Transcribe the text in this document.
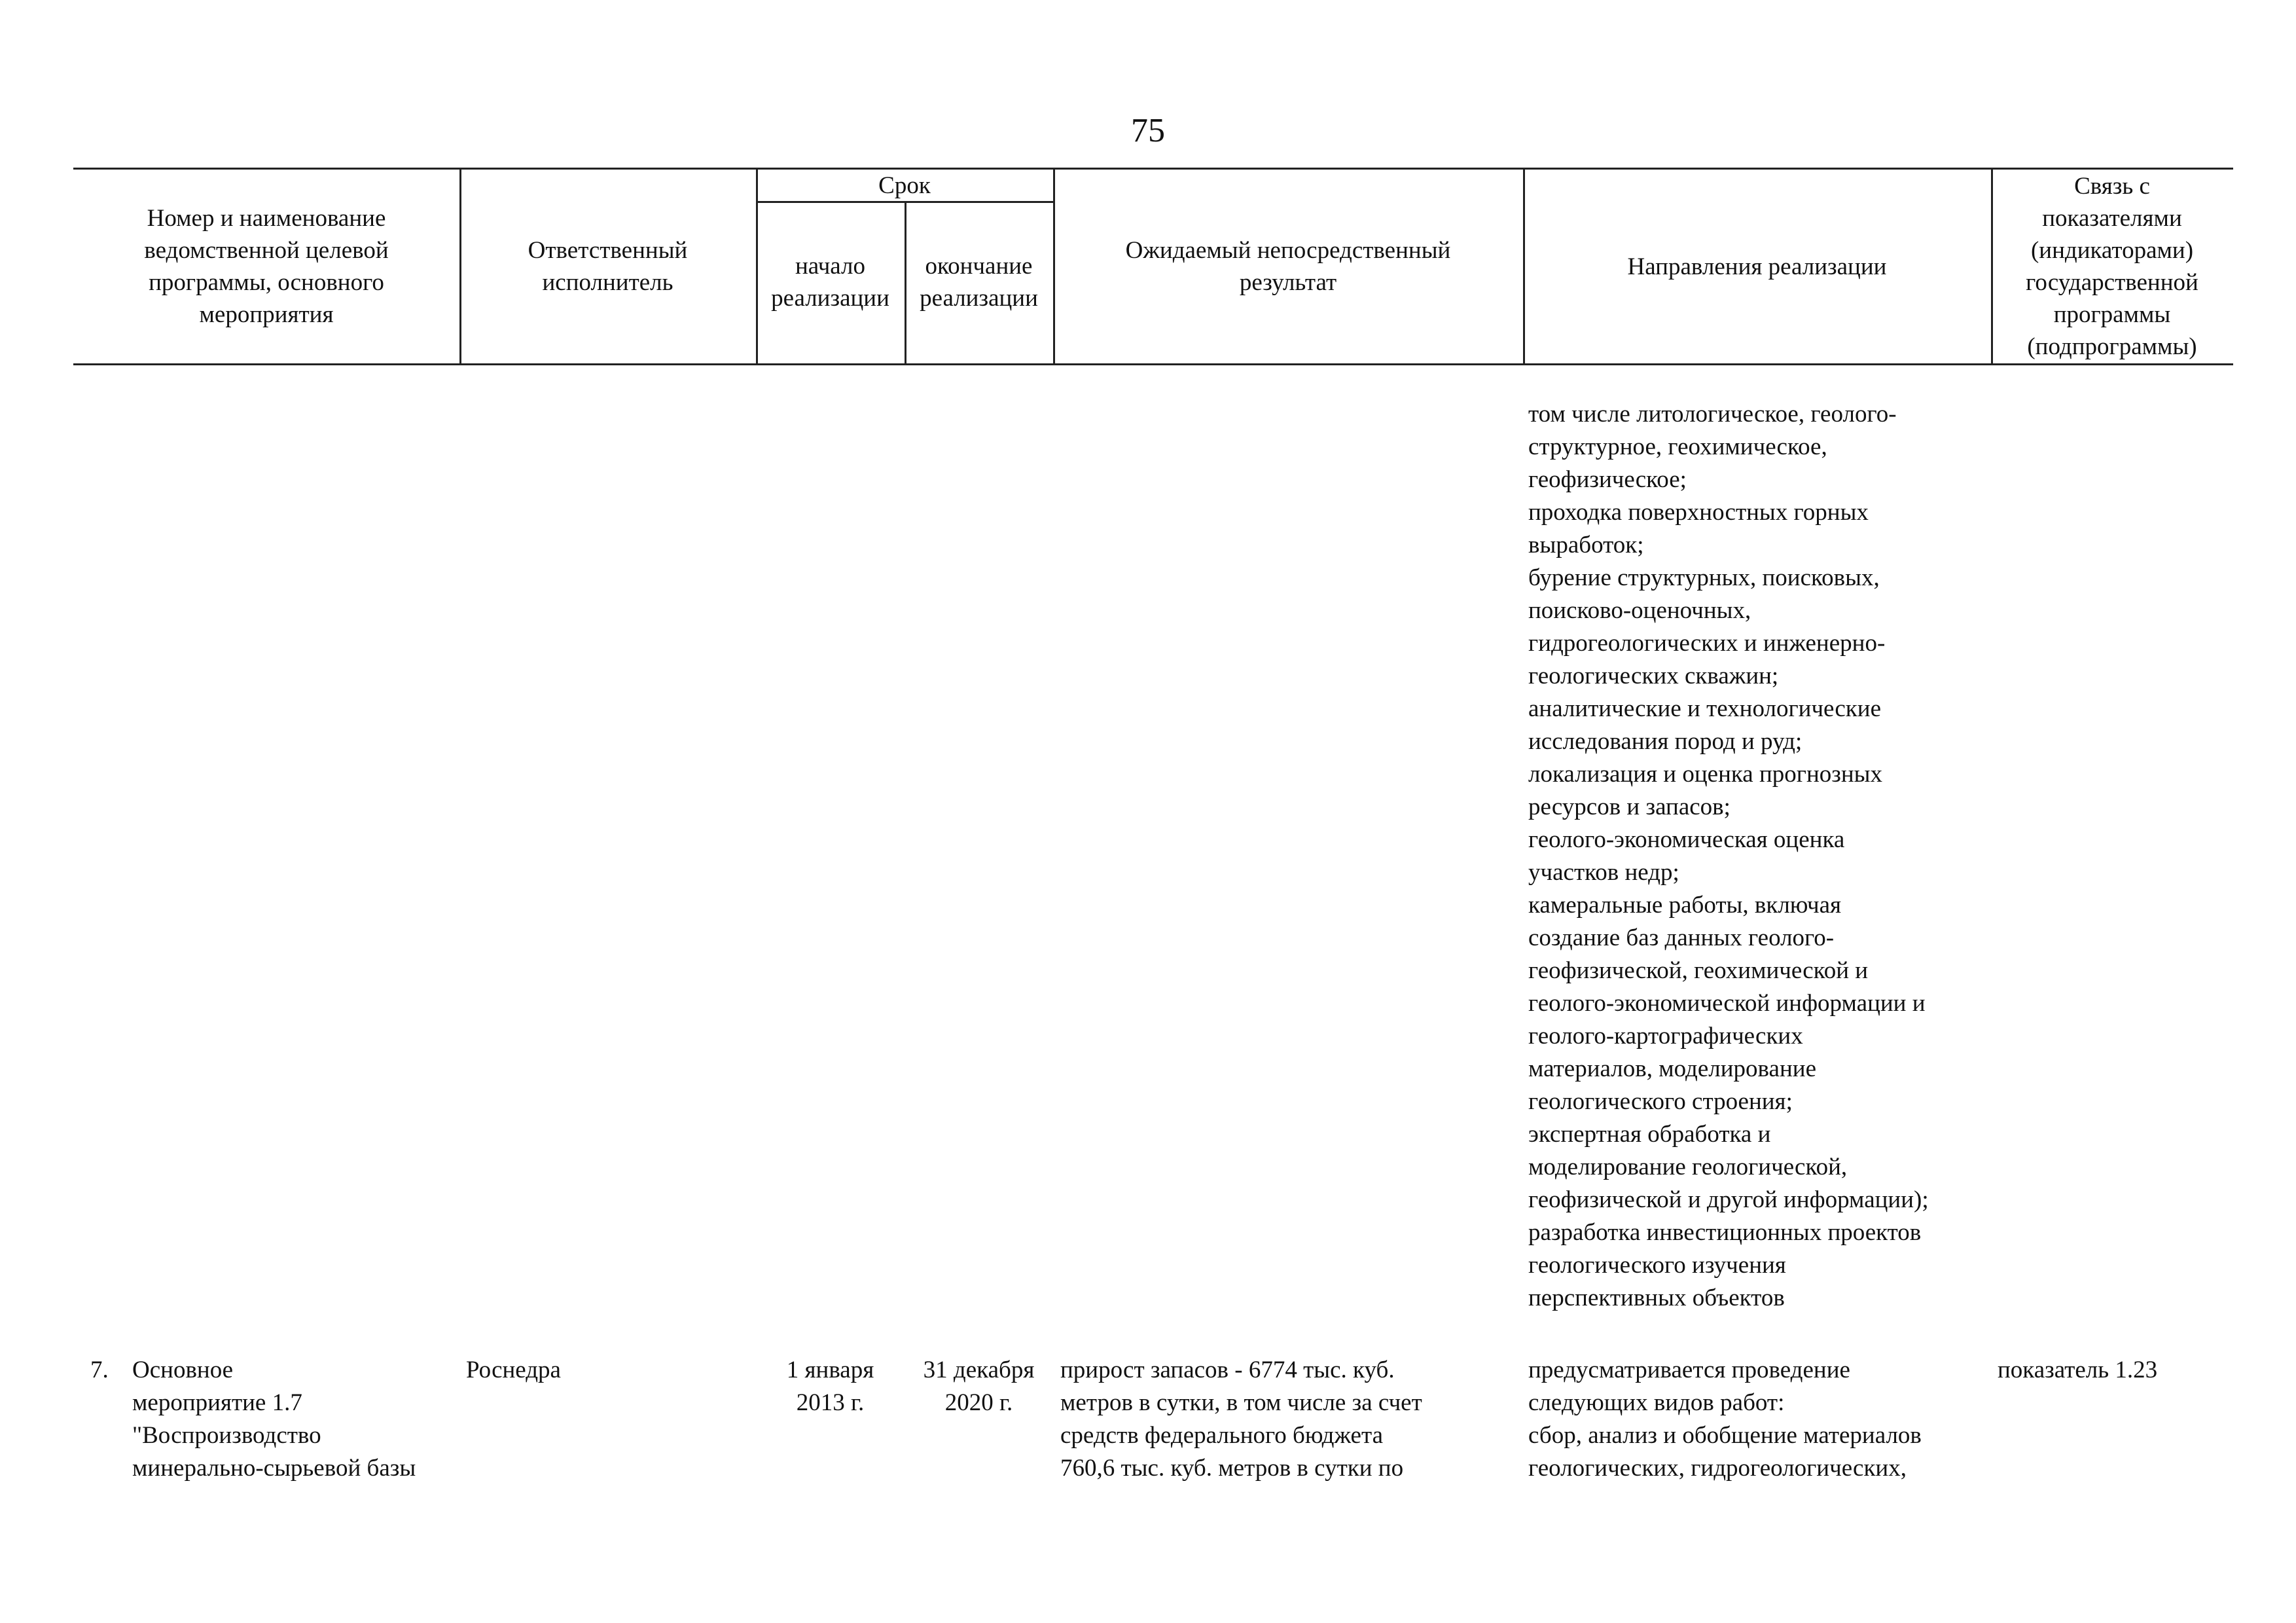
75
Номер и наименование
ведомственной целевой
программы, основного
мероприятия
Ответственный
исполнитель
Срок
начало
реализации
окончание
реализации
Ожидаемый непосредственный
результат
Направления реализации
Связь с
показателями
(индикаторами)
государственной
программы
(подпрограммы)
том числе литологическое, геолого-
структурное, геохимическое,
геофизическое;
проходка поверхностных горных
выработок;
бурение структурных, поисковых,
поисково-оценочных,
гидрогеологических и инженерно-
геологических скважин;
аналитические и технологические
исследования пород и руд;
локализация и оценка прогнозных
ресурсов и запасов;
геолого-экономическая оценка
участков недр;
камеральные работы, включая
создание баз данных геолого-
геофизической, геохимической и
геолого-экономической информации и
геолого-картографических
материалов, моделирование
геологического строения;
экспертная обработка и
моделирование геологической,
геофизической и другой информации);
разработка инвестиционных проектов
геологического изучения
перспективных объектов
7. Основное
мероприятие 1.7
"Воспроизводство
минерально-сырьевой базы
Роснедра	1 января
2013 г.
31 декабря
2020 г.
прирост запасов - 6774 тыс. куб.
метров в сутки, в том числе за счет
средств федерального бюджета
760,6 тыс. куб. метров в сутки по
предусматривается проведение
следующих видов работ:
сбор, анализ и обобщение материалов
геологических, гидрогеологических,
показатель 1.23
